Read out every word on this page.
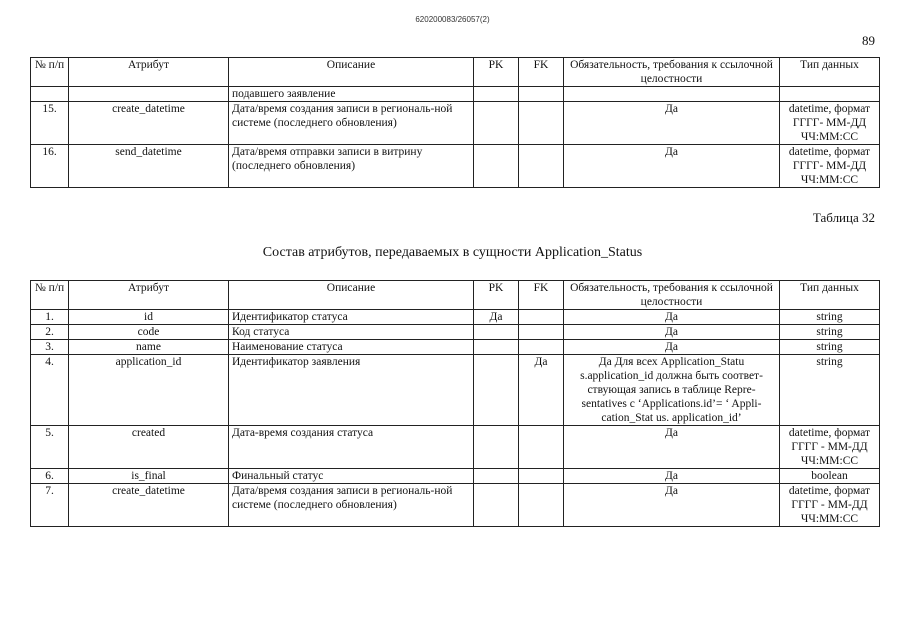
620200083/26057(2)
89
№ п/п	Атрибут	Описание	PK	FK	Обязательность, требования к ссылочной целостности	Тип данных
		подавшего заявление				
15.	create_datetime	Дата/время создания записи в региональ-ной системе (последнего обновления)			Да	datetime, формат ГГГГ- ММ-ДД ЧЧ:ММ:СС
16.	send_datetime	Дата/время отправки записи в витрину (последнего обновления)			Да	datetime, формат ГГГГ- ММ-ДД ЧЧ:ММ:СС
Таблица 32
Состав атрибутов, передаваемых в сущности Application_Status
№ п/п	Атрибут	Описание	PK	FK	Обязательность, требования к ссылочной целостности	Тип данных
1.	id	Идентификатор статуса	Да		Да	string
2.	code	Код статуса			Да	string
3.	name	Наименование статуса			Да	string
4.	application_id	Идентификатор заявления		Да	Да Для всех Application_Statu s.application_id должна быть соответ-ствующая запись в таблице Repre-sentatives с ‘Applications.id’= ‘ Appli-cation_Stat us. application_id’	string
5.	created	Дата-время создания статуса			Да	datetime, формат ГГГГ - ММ-ДД ЧЧ:ММ:СС
6.	is_final	Финальный статус			Да	boolean
7.	create_datetime	Дата/время создания записи в региональ-ной системе (последнего обновления)			Да	datetime, формат ГГГГ - ММ-ДД ЧЧ:ММ:СС
